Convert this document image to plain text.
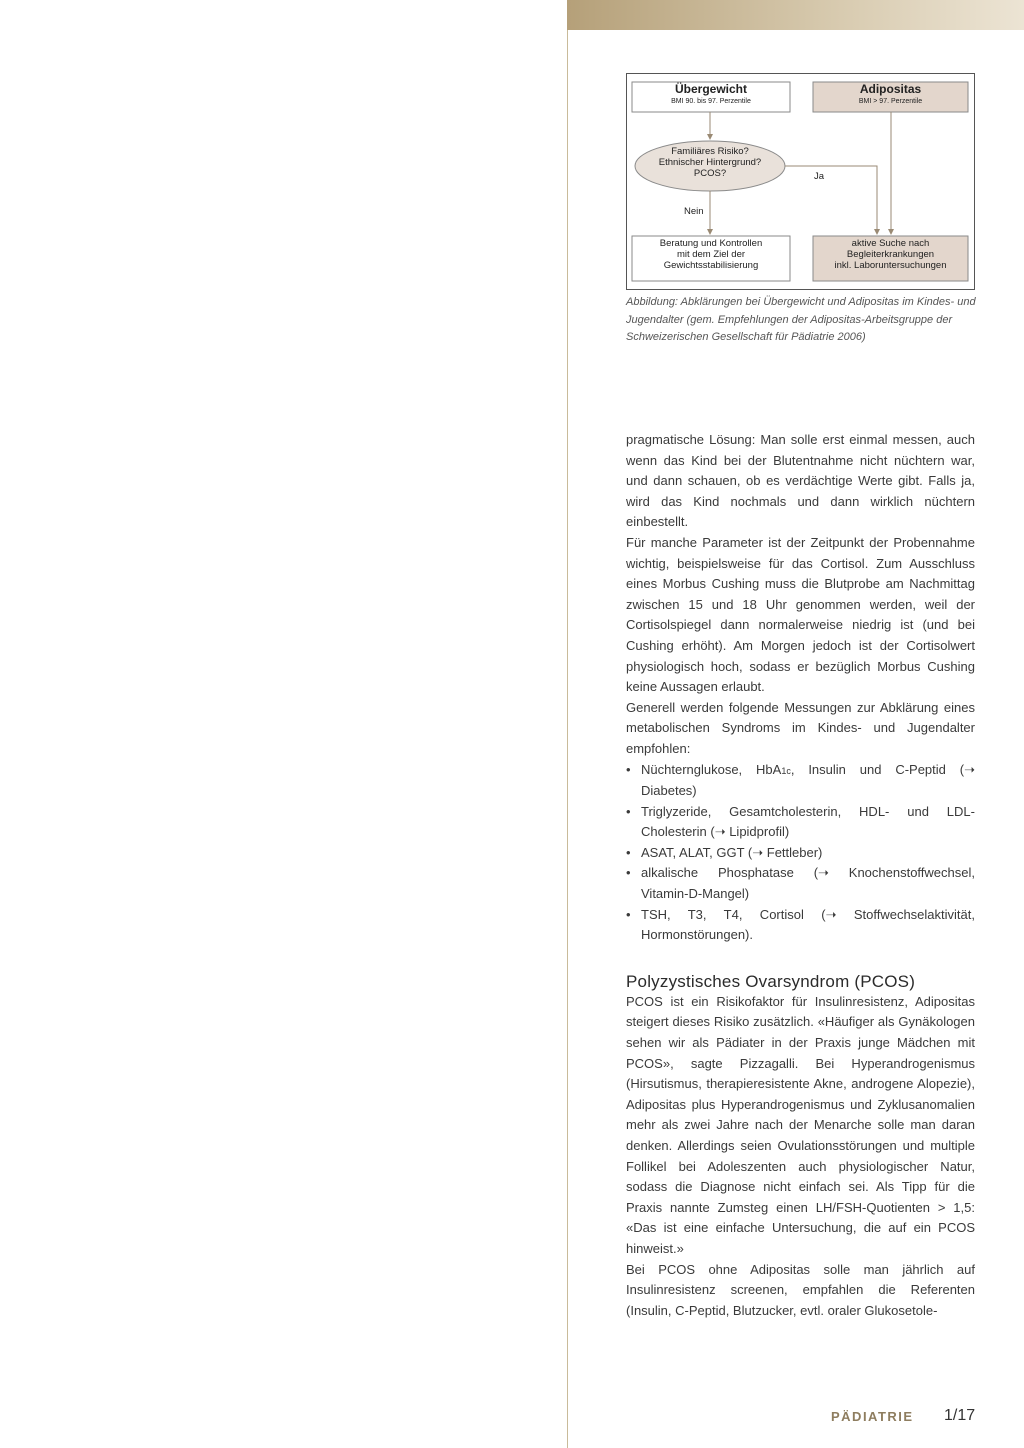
Übergewicht
BMI 90. bis 97. Perzentile
Adipositas
BMI > 97. Perzentile
Familiäres Risiko?
Ethnischer Hintergrund?
PCOS?	Ja
Nein
Beratung und Kontrollen
mit dem Ziel der
Gewichtsstabilisierung
aktive Suche nach
Begleiterkrankungen
inkl. Laboruntersuchungen
Abbildung: Abklärungen bei Übergewicht und Adipositas im Kindes- und Jugendalter (gem. Empfehlungen der Adipositas-Arbeitsgruppe der Schweizerischen Gesellschaft für Pädiatrie 2006)

pragmatische Lösung: Man solle erst einmal messen, auch wenn das Kind bei der Blutentnahme nicht nüchtern war, und dann schauen, ob es verdächtige Werte gibt. Falls ja, wird das Kind nochmals und dann wirklich nüchtern einbestellt.

Für manche Parameter ist der Zeitpunkt der Probennahme wichtig, beispielsweise für das Cortisol. Zum Ausschluss eines Morbus Cushing muss die Blutprobe am Nachmittag zwischen 15 und 18 Uhr genommen werden, weil der Cortisolspiegel dann normalerweise niedrig ist (und bei Cushing erhöht). Am Morgen jedoch ist der Cortisolwert physiologisch hoch, sodass er bezüglich Morbus Cushing keine Aussagen erlaubt.

Generell werden folgende Messungen zur Abklärung eines metabolischen Syndroms im Kindes- und Jugendalter empfohlen:

• Nüchternglukose, HbA1c, Insulin und C-Peptid (➝ Diabetes)
• Triglyzeride, Gesamtcholesterin, HDL- und LDL-Cholesterin (➝ Lipidprofil)
• ASAT, ALAT, GGT (➝ Fettleber)
• alkalische Phosphatase (➝ Knochenstoffwechsel, Vitamin-D-Mangel)
• TSH, T3, T4, Cortisol (➝ Stoffwechselaktivität, Hormonstörungen).
Polyzystisches Ovarsyndrom (PCOS)

PCOS ist ein Risikofaktor für Insulinresistenz, Adipositas steigert dieses Risiko zusätzlich. «Häufiger als Gynäkologen sehen wir als Pädiater in der Praxis junge Mädchen mit PCOS», sagte Pizzagalli. Bei Hyperandrogenismus (Hirsutismus, therapieresistente Akne, androgene Alopezie), Adipositas plus Hyperandrogenismus und Zyklusanomalien mehr als zwei Jahre nach der Menarche solle man daran denken. Allerdings seien Ovulationsstörungen und multiple Follikel bei Adoleszenten auch physiologischer Natur, sodass die Diagnose nicht einfach sei. Als Tipp für die Praxis nannte Zumsteg einen LH/FSH-Quotienten > 1,5: «Das ist eine einfache Untersuchung, die auf ein PCOS hinweist.»

Bei PCOS ohne Adipositas solle man jährlich auf Insulinresistenz screenen, empfahlen die Referenten (Insulin, C-Peptid, Blutzucker, evtl. oraler Glukosetole-

PÄDIATRIE 1/17
